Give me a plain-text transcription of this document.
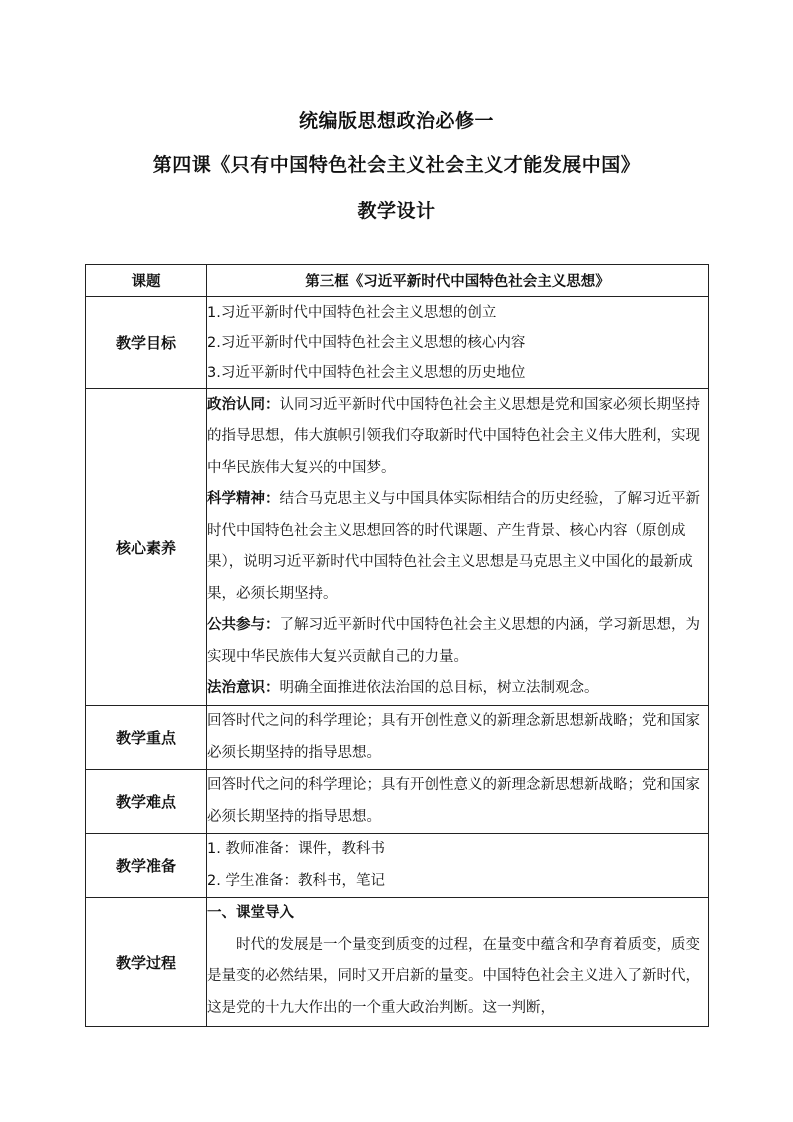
统编版思想政治必修一
第四课《只有中国特色社会主义社会主义才能发展中国》
教学设计
课题	第三框《习近平新时代中国特色社会主义思想》
教学目标	1.习近平新时代中国特色社会主义思想的创立
2.习近平新时代中国特色社会主义思想的核心内容
3.习近平新时代中国特色社会主义思想的历史地位

核心素养	政治认同：认同习近平新时代中国特色社会主义思想是党和国家必须长期坚持的指导思想，伟大旗帜引领我们夺取新时代中国特色社会主义伟大胜利，实现中华民族伟大复兴的中国梦。
科学精神：结合马克思主义与中国具体实际相结合的历史经验，了解习近平新时代中国特色社会主义思想回答的时代课题、产生背景、核心内容（原创成果），说明习近平新时代中国特色社会主义思想是马克思主义中国化的最新成果，必须长期坚持。
公共参与：了解习近平新时代中国特色社会主义思想的内涵，学习新思想，为实现中华民族伟大复兴贡献自己的力量。
法治意识：明确全面推进依法治国的总目标，树立法制观念。

教学重点	回答时代之问的科学理论；具有开创性意义的新理念新思想新战略；党和国家必须长期坚持的指导思想。
教学难点	回答时代之问的科学理论；具有开创性意义的新理念新思想新战略；党和国家必须长期坚持的指导思想。
教学准备	1. 教师准备：课件，教科书
2. 学生准备：教科书，笔记

教学过程	一、课堂导入
时代的发展是一个量变到质变的过程，在量变中蕴含和孕育着质变，质变是量变的必然结果，同时又开启新的量变。中国特色社会主义进入了新时代，这是党的十九大作出的一个重大政治判断。这一判断，
